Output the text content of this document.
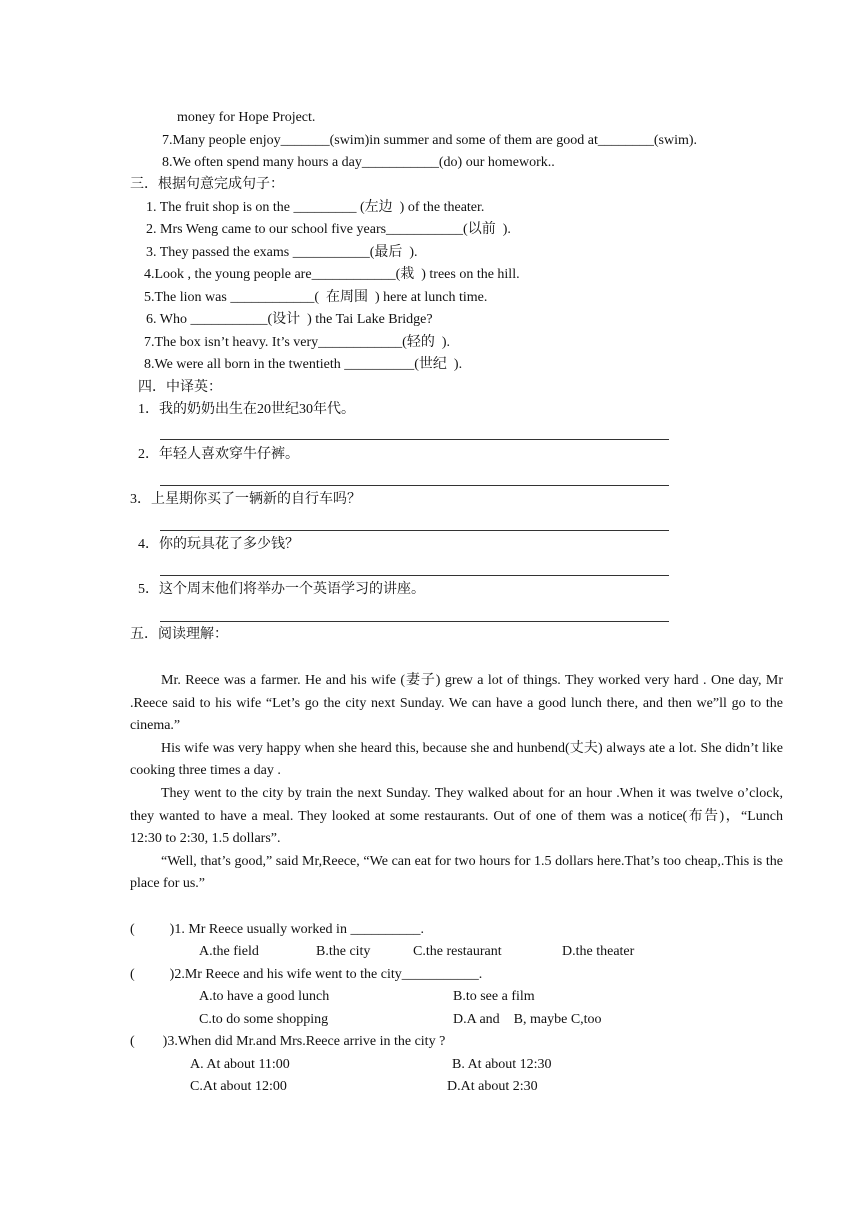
money for Hope Project.
7.Many people enjoy_______(swim)in summer and some of them are good at________(swim).
8.We often spend many hours a day___________(do) our homework..
三．根据句意完成句子：
1. The fruit shop is on the _________ (左边  ) of the theater.
2. Mrs Weng came to our school five years___________(以前  ).
3. They passed the exams ___________(最后  ).
4.Look , the young people are____________(栽  ) trees on the hill.
5.The lion was ____________(  在周围  ) here at lunch time.
6. Who ___________(设计  ) the Tai Lake Bridge?
7.The box isn’t heavy. It’s very____________(轻的  ).
8.We were all born in the twentieth __________(世纪  ).
四．中译英：
1．我的奶奶出生在20世纪30年代。
2．年轻人喜欢穿牛仔裤。
3．上星期你买了一辆新的自行车吗？
4．你的玩具花了多少钱？
5．这个周末他们将举办一个英语学习的讲座。
五．阅读理解：

Mr. Reece was a farmer. He and his wife (妻子) grew a lot of things. They worked very hard . One day, Mr .Reece said to his wife “Let’s go the city next Sunday. We can have a good lunch there, and then we”ll go to the cinema.”

His wife was very happy when she heard this, because she and hunbend(丈夫) always ate a lot. She didn’t like cooking three times a day .

They went to the city by train the next Sunday. They walked about for an hour .When it was twelve o’clock, they wanted to have a meal. They looked at some restaurants. Out of one of them was a notice(布告)，“Lunch 12:30 to 2:30, 1.5 dollars”.

“Well, that’s good,” said Mr,Reece, “We can eat for two hours for 1.5 dollars here.That’s too cheap,.This is the place for us.”

(          )1. Mr Reece usually worked in __________.
A.the field	B.the city	C.the restaurant	D.the theater
(          )2.Mr Reece and his wife went to the city___________.
A.to have a good lunch	B.to see a film
C.to do some shopping	D.A and    B, maybe C,too
(        )3.When did Mr.and Mrs.Reece arrive in the city ?
A. At about 11:00	B. At about 12:30
C.At about 12:00	D.At about 2:30
